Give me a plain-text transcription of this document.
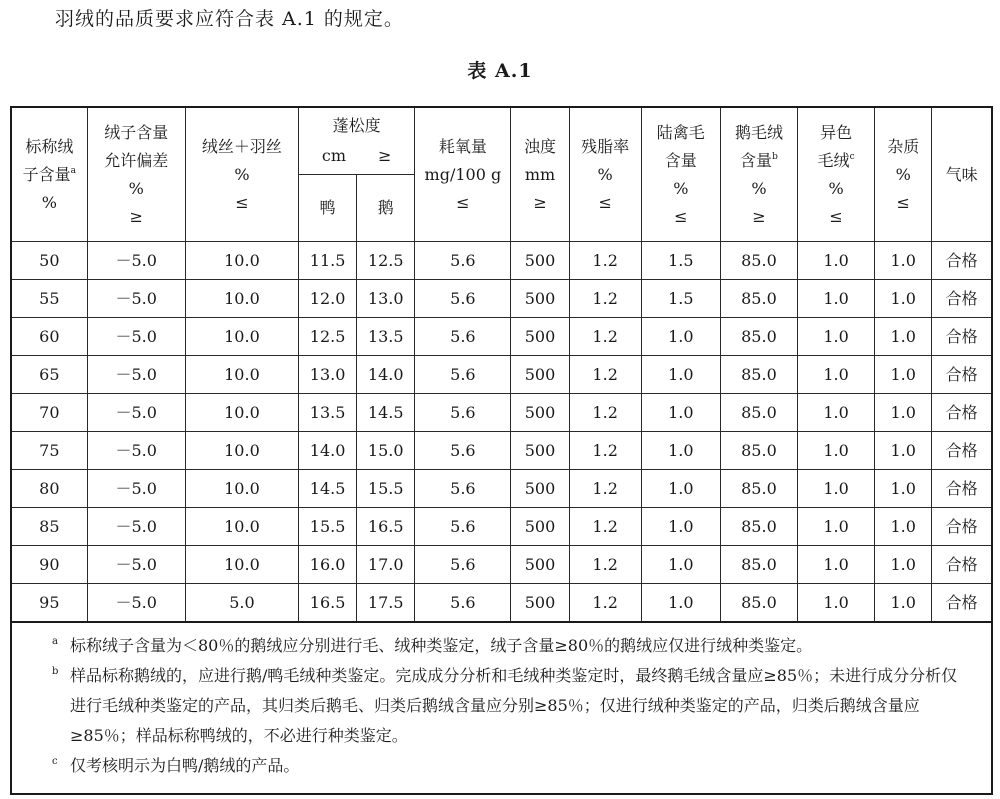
羽绒的品质要求应符合表 A.1 的规定。
表 A.1
标称绒
子含量$^a$
%	绒子含量
允许偏差
%
≥	绒丝＋羽丝
%
≤	蓬松度
cm　　≥		耗氧量
mg/100 g
≤	浊度
mm
≥	残脂率
%
≤	陆禽毛
含量
%
≤	鹅毛绒
含量$^b$
%
≥	异色
毛绒$^c$
%
≤	杂质
%
≤	气味
			鸭	鹅								
50	－5.0	10.0	11.5	12.5	5.6	500	1.2	1.5	85.0	1.0	1.0	合格
55	－5.0	10.0	12.0	13.0	5.6	500	1.2	1.5	85.0	1.0	1.0	合格
60	－5.0	10.0	12.5	13.5	5.6	500	1.2	1.0	85.0	1.0	1.0	合格
65	－5.0	10.0	13.0	14.0	5.6	500	1.2	1.0	85.0	1.0	1.0	合格
70	－5.0	10.0	13.5	14.5	5.6	500	1.2	1.0	85.0	1.0	1.0	合格
75	－5.0	10.0	14.0	15.0	5.6	500	1.2	1.0	85.0	1.0	1.0	合格
80	－5.0	10.0	14.5	15.5	5.6	500	1.2	1.0	85.0	1.0	1.0	合格
85	－5.0	10.0	15.5	16.5	5.6	500	1.2	1.0	85.0	1.0	1.0	合格
90	－5.0	10.0	16.0	17.0	5.6	500	1.2	1.0	85.0	1.0	1.0	合格
95	－5.0	5.0	16.5	17.5	5.6	500	1.2	1.0	85.0	1.0	1.0	合格
a 标称绒子含量为＜80％的鹅绒应分别进行毛、绒种类鉴定，绒子含量≥80％的鹅绒应仅进行绒种类鉴定。
b 样品标称鹅绒的，应进行鹅/鸭毛绒种类鉴定。完成成分分析和毛绒种类鉴定时，最终鹅毛绒含量应≥85％；未进行成分分析仅进行毛绒种类鉴定的产品，其归类后鹅毛、归类后鹅绒含量应分别≥85％；仅进行绒种类鉴定的产品，归类后鹅绒含量应≥85％；样品标称鸭绒的，不必进行种类鉴定。
c 仅考核明示为白鸭/鹅绒的产品。
